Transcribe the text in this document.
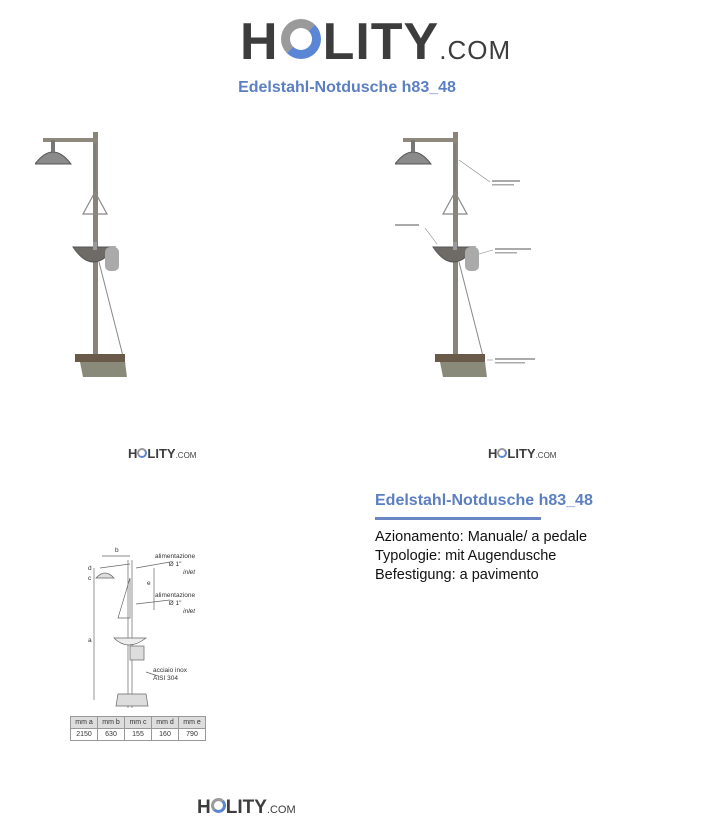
H LITY .COM
Edelstahl-Notdusche h83_48
H LITY .COM	H LITY .COM
Edelstahl-Notdusche h83_48
Azionamento: Manuale/ a pedale
Typologie: mit Augendusche
Befestigung: a pavimento
b
d
c
e
a
alimentazione
Ø 1"
inlet
alimentazione
Ø 1"
inlet
acciaio inox
AISI 304
mm a	mm b	mm c	mm d	mm e
2150	630	155	160	790
H LITY .COM
